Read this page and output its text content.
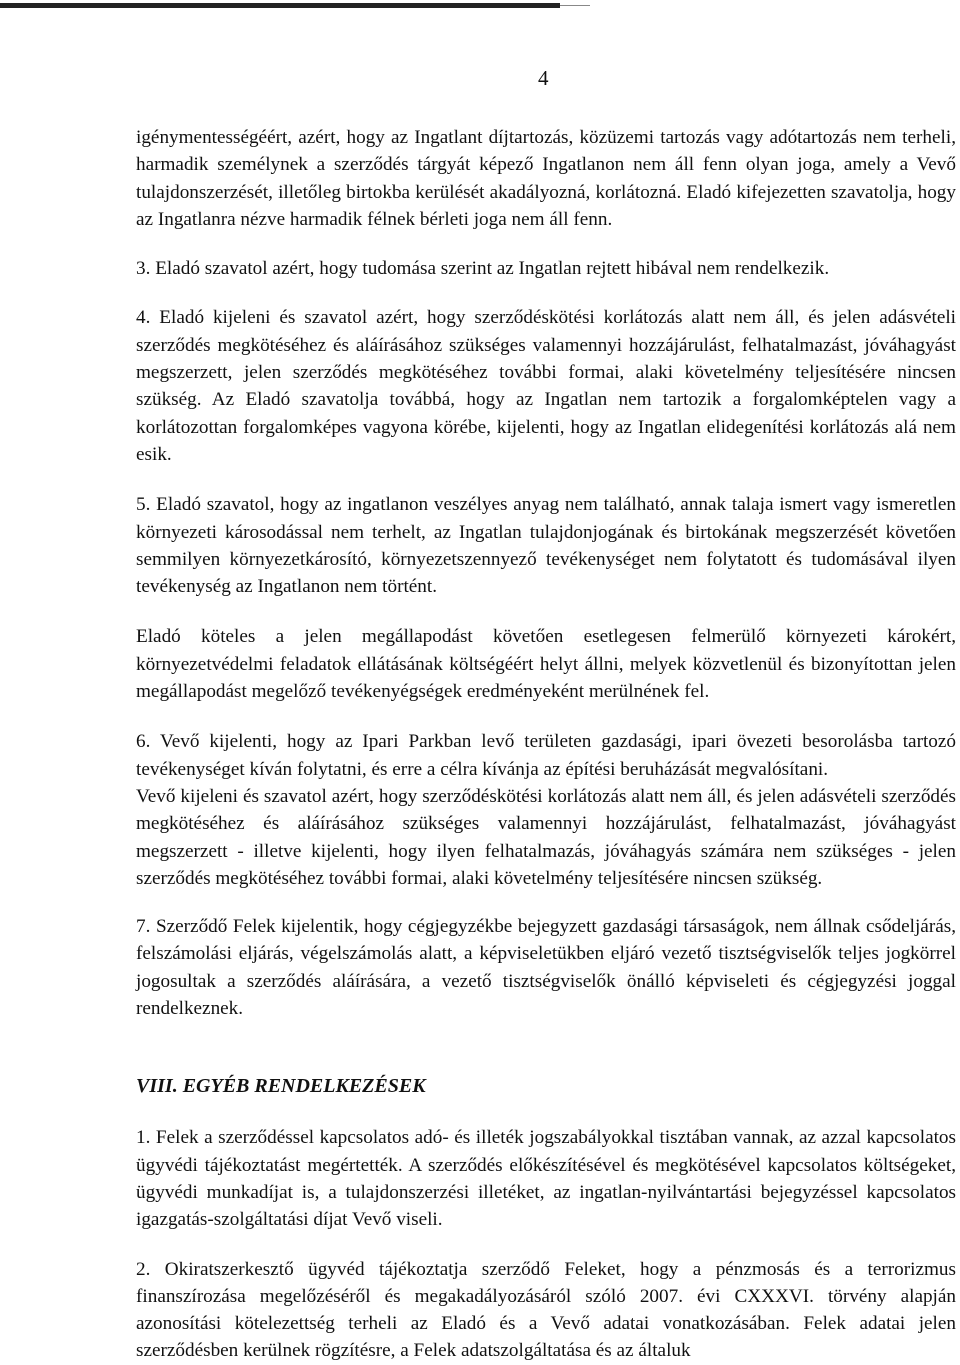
4

igénymentességéért, azért, hogy az Ingatlant díjtartozás, közüzemi tartozás vagy adótartozás nem terheli, harmadik személynek a szerződés tárgyát képező Ingatlanon nem áll fenn olyan joga, amely a Vevő tulajdonszerzését, illetőleg birtokba kerülését akadályozná, korlátozná. Eladó kifejezetten szavatolja, hogy az Ingatlanra nézve harmadik félnek bérleti joga nem áll fenn.

3. Eladó szavatol azért, hogy tudomása szerint az Ingatlan rejtett hibával nem rendelkezik.

4. Eladó kijeleni és szavatol azért, hogy szerződéskötési korlátozás alatt nem áll, és jelen adásvételi szerződés megkötéséhez és aláírásához szükséges valamennyi hozzájárulást, felhatalmazást, jóváhagyást megszerzett, jelen szerződés megkötéséhez további formai, alaki követelmény teljesítésére nincsen szükség. Az Eladó szavatolja továbbá, hogy az Ingatlan nem tartozik a forgalomképtelen vagy a korlátozottan forgalomképes vagyona körébe, kijelenti, hogy az Ingatlan elidegenítési korlátozás alá nem esik.

5. Eladó szavatol, hogy az ingatlanon veszélyes anyag nem található, annak talaja ismert vagy ismeretlen környezeti károsodással nem terhelt, az Ingatlan tulajdonjogának és birtokának megszerzését követően semmilyen környezetkárosító, környezetszennyező tevékenységet nem folytatott és tudomásával ilyen tevékenység az Ingatlanon nem történt.

Eladó köteles a jelen megállapodást követően esetlegesen felmerülő környezeti károkért, környezetvédelmi feladatok ellátásának költségéért helyt állni, melyek közvetlenül és bizonyítottan jelen megállapodást megelőző tevékenyégségek eredményeként merülnének fel.

6. Vevő kijelenti, hogy az Ipari Parkban levő területen gazdasági, ipari övezeti besorolásba tartozó tevékenységet kíván folytatni, és erre a célra kívánja az építési beruházását megvalósítani.

Vevő kijeleni és szavatol azért, hogy szerződéskötési korlátozás alatt nem áll, és jelen adásvételi szerződés megkötéséhez és aláírásához szükséges valamennyi hozzájárulást, felhatalmazást, jóváhagyást megszerzett - illetve kijelenti, hogy ilyen felhatalmazás, jóváhagyás számára nem szükséges - jelen szerződés megkötéséhez további formai, alaki követelmény teljesítésére nincsen szükség.

7. Szerződő Felek kijelentik, hogy cégjegyzékbe bejegyzett gazdasági társaságok, nem állnak csődeljárás, felszámolási eljárás, végelszámolás alatt, a képviseletükben eljáró vezető tisztségviselők teljes jogkörrel jogosultak a szerződés aláírására, a vezető tisztségviselők önálló képviseleti és cégjegyzési joggal rendelkeznek.

VIII. EGYÉB RENDELKEZÉSEK

1. Felek a szerződéssel kapcsolatos adó- és illeték jogszabályokkal tisztában vannak, az azzal kapcsolatos ügyvédi tájékoztatást megértették. A szerződés előkészítésével és megkötésével kapcsolatos költségeket, ügyvédi munkadíjat is, a tulajdonszerzési illetéket, az ingatlan-nyilvántartási bejegyzéssel kapcsolatos igazgatás-szolgáltatási díjat Vevő viseli.

2. Okiratszerkesztő ügyvéd tájékoztatja szerződő Feleket, hogy a pénzmosás és a terrorizmus finanszírozása megelőzéséről és megakadályozásáról szóló 2007. évi CXXXVI. törvény alapján azonosítási kötelezettség terheli az Eladó és a Vevő adatai vonatkozásában. Felek adatai jelen szerződésben kerülnek rögzítésre, a Felek adatszolgáltatása és az általuk
